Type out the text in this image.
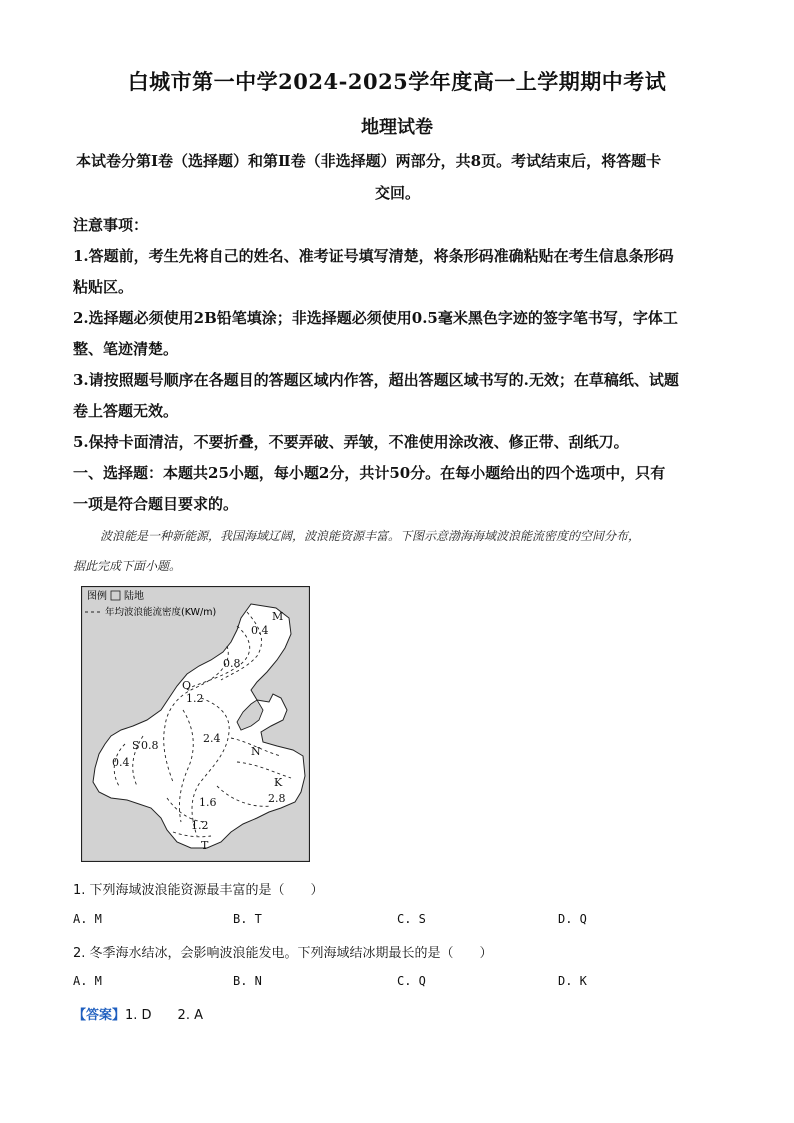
白城市第一中学2024-2025学年度高一上学期期中考试
地理试卷
本试卷分第Ⅰ卷（选择题）和第Ⅱ卷（非选择题）两部分，共8页。考试结束后，将答题卡
交回。
注意事项：
1.答题前，考生先将自己的姓名、准考证号填写清楚，将条形码准确粘贴在考生信息条形码
粘贴区。
2.选择题必须使用2B铅笔填涂；非选择题必须使用0.5毫米黑色字迹的签字笔书写，字体工
整、笔迹清楚。
3.请按照题号顺序在各题目的答题区域内作答，超出答题区域书写的.无效；在草稿纸、试题
卷上答题无效。
5.保持卡面清洁，不要折叠，不要弄破、弄皱，不准使用涂改液、修正带、刮纸刀。
一、选择题：本题共25小题，每小题2分，共计50分。在每小题给出的四个选项中，只有
一项是符合题目要求的。
波浪能是一种新能源，我国海域辽阔，波浪能资源丰富。下图示意渤海海域波浪能流密度的空间分布，
据此完成下面小题。
图例 陆地
年均波浪能流密度(KW/m)	M
Q
N
S
K
T
0.4
0.8
1.2
2.4
0.8
0.4
2.8
1.6
1.2
1. 下列海域波浪能资源最丰富的是（　　）
A. M	B. T	C. S	D. Q
2. 冬季海水结冰，会影响波浪能发电。下列海域结冰期最长的是（　　）
A. M	B. N	C. Q	D. K
【答案】1. D　　2. A
